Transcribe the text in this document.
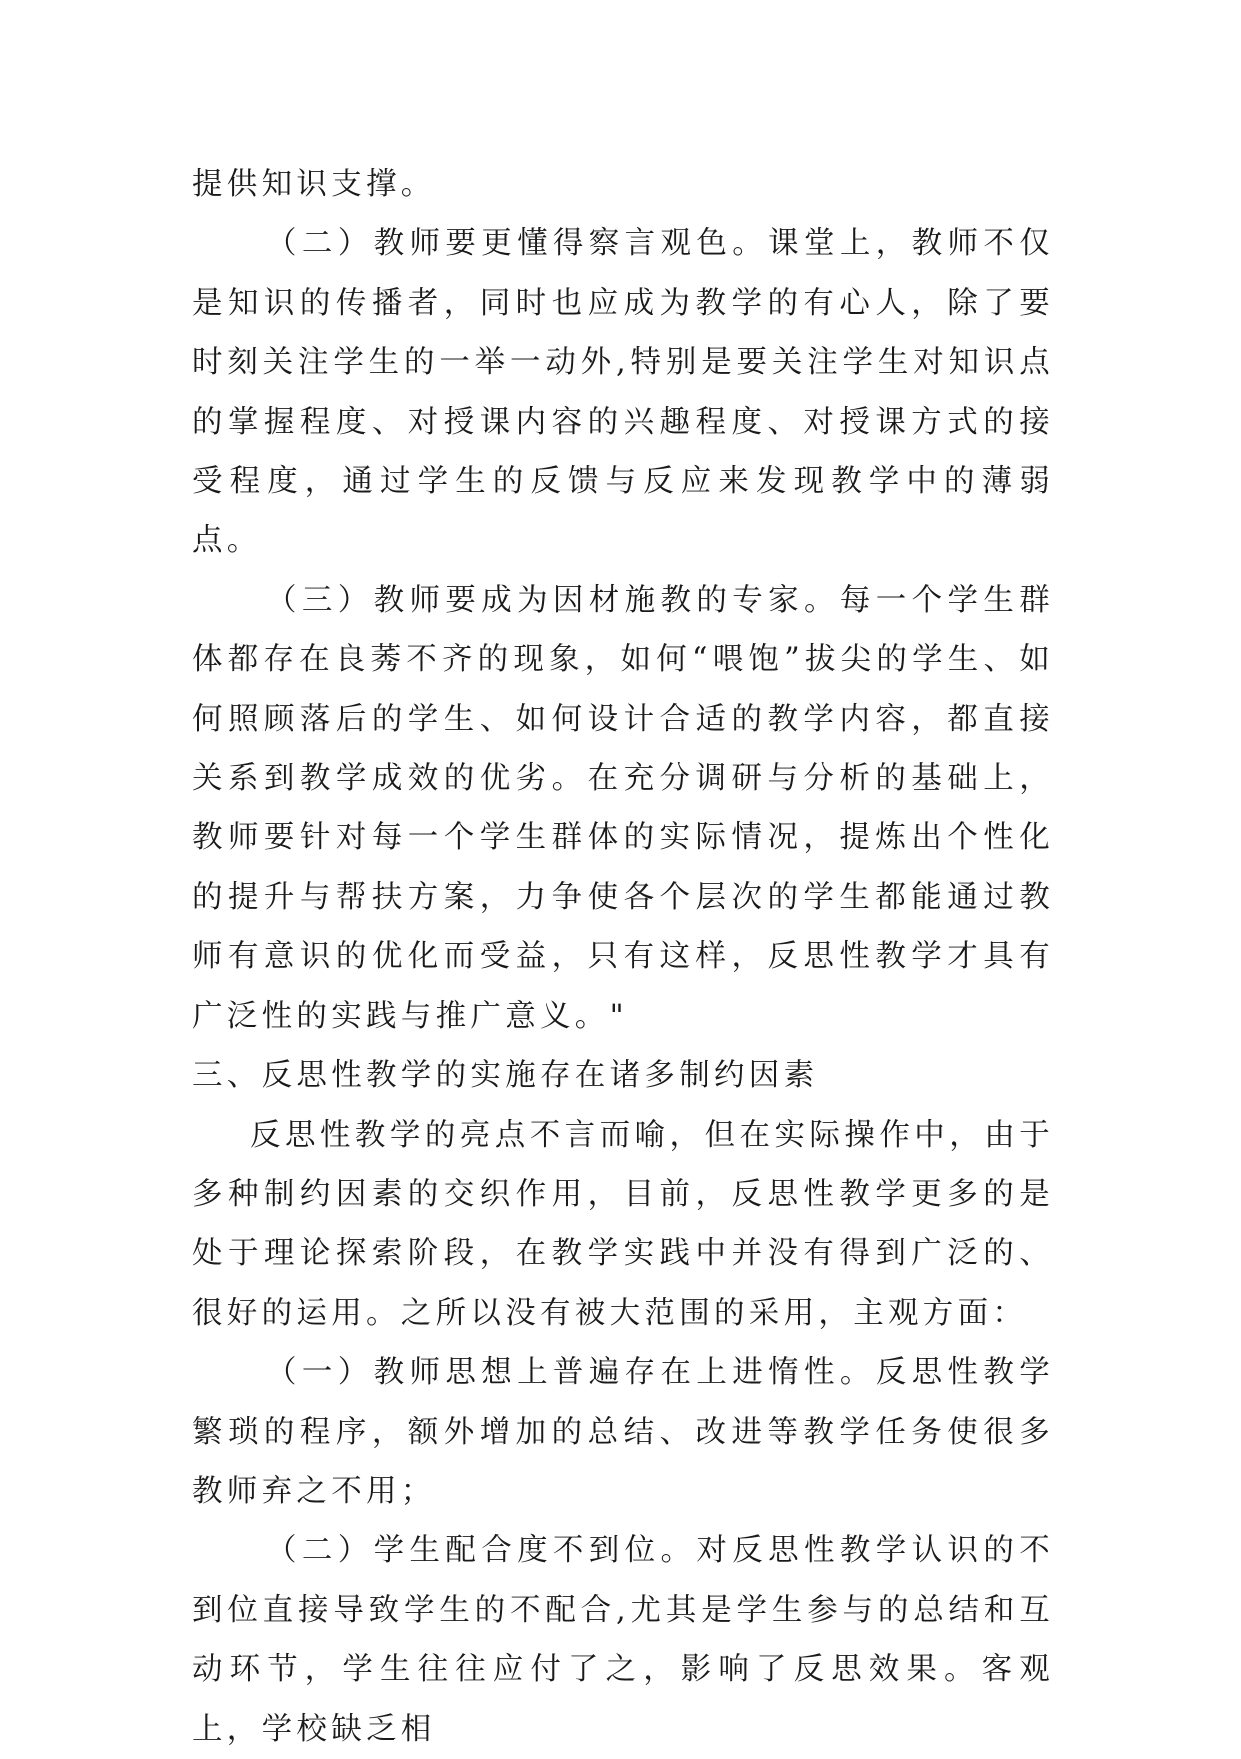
提供知识支撑。

（二）教师要更懂得察言观色。课堂上，教师不仅是知识的传播者，同时也应成为教学的有心人，除了要时刻关注学生的一举一动外,特别是要关注学生对知识点的掌握程度、对授课内容的兴趣程度、对授课方式的接受程度，通过学生的反馈与反应来发现教学中的薄弱点。

（三）教师要成为因材施教的专家。每一个学生群体都存在良莠不齐的现象，如何“喂饱”拔尖的学生、如何照顾落后的学生、如何设计合适的教学内容，都直接关系到教学成效的优劣。在充分调研与分析的基础上，教师要针对每一个学生群体的实际情况，提炼出个性化的提升与帮扶方案，力争使各个层次的学生都能通过教师有意识的优化而受益，只有这样，反思性教学才具有广泛性的实践与推广意义。"

三、反思性教学的实施存在诸多制约因素

反思性教学的亮点不言而喻，但在实际操作中，由于多种制约因素的交织作用，目前，反思性教学更多的是处于理论探索阶段，在教学实践中并没有得到广泛的、很好的运用。之所以没有被大范围的采用，主观方面：

（一）教师思想上普遍存在上进惰性。反思性教学繁琐的程序，额外增加的总结、改进等教学任务使很多教师弃之不用；

（二）学生配合度不到位。对反思性教学认识的不到位直接导致学生的不配合,尤其是学生参与的总结和互动环节，学生往往应付了之，影响了反思效果。客观上，学校缺乏相
